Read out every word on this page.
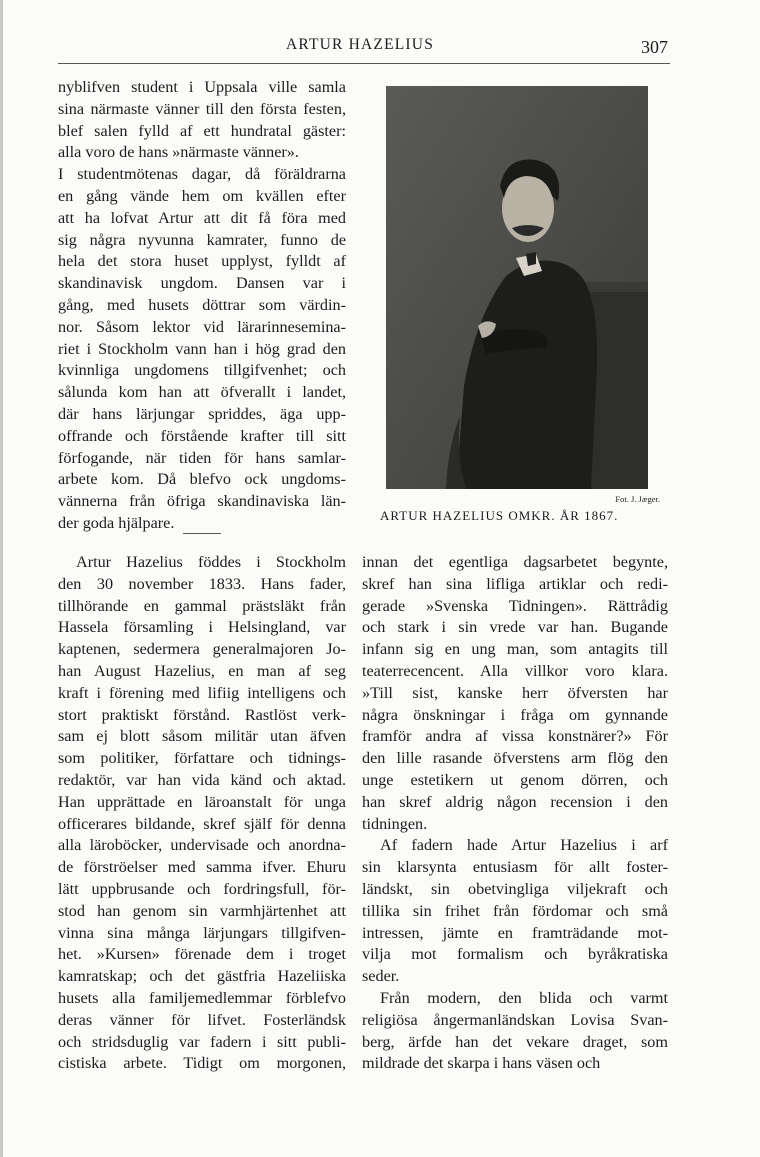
ARTUR HAZELIUS	307
nyblifven student i Uppsala ville samla
sina närmaste vänner till den första festen,
blef salen fylld af ett hundratal gäster:
alla voro de hans »närmaste vänner».
I studentmötenas dagar, då föräldrarna
en gång vände hem om kvällen efter
att ha lofvat Artur att dit få föra med
sig några nyvunna kamrater, funno de
hela det stora huset upplyst, fylldt af
skandinavisk ungdom. Dansen var i
gång, med husets döttrar som värdin-
nor. Såsom lektor vid lärarinnesemina-
riet i Stockholm vann han i hög grad den
kvinnliga ungdomens tillgifvenhet; och
sålunda kom han att öfverallt i landet,
där hans lärjungar spriddes, äga upp-
offrande och förstående krafter till sitt
förfogande, när tiden för hans samlar-
arbete kom. Då blefvo ock ungdoms-
vännerna från öfriga skandinaviska län-
der goda hjälpare.
Fot. J. Jæger.
ARTUR HAZELIUS OMKR. ÅR 1867.
Artur Hazelius föddes i Stockholm
den 30 november 1833. Hans fader,
tillhörande en gammal prästsläkt från
Hassela församling i Helsingland, var
kaptenen, sedermera generalmajoren Jo-
han August Hazelius, en man af seg
kraft i förening med lifiig intelligens och
stort praktiskt förstånd. Rastlöst verk-
sam ej blott såsom militär utan äfven
som politiker, författare och tidnings-
redaktör, var han vida känd och aktad.
Han upprättade en läroanstalt för unga
officerares bildande, skref själf för denna
alla läroböcker, undervisade och anordna-
de förströelser med samma ifver. Ehuru
lätt uppbrusande och fordringsfull, för-
stod han genom sin varmhjärtenhet att
vinna sina många lärjungars tillgifven-
het. »Kursen» förenade dem i troget
kamratskap; och det gästfria Hazeliiska
husets alla familjemedlemmar förblefvo
deras vänner för lifvet. Fosterländsk
och stridsduglig var fadern i sitt publi-
cistiska arbete. Tidigt om morgonen,
innan det egentliga dagsarbetet begynte,
skref han sina lifliga artiklar och redi-
gerade »Svenska Tidningen». Rättrådig
och stark i sin vrede var han. Bugande
infann sig en ung man, som antagits till
teaterrecencent. Alla villkor voro klara.
»Till sist, kanske herr öfversten har
några önskningar i fråga om gynnande
framför andra af vissa konstnärer?» För
den lille rasande öfverstens arm flög den
unge estetikern ut genom dörren, och
han skref aldrig någon recension i den
tidningen.
Af fadern hade Artur Hazelius i arf
sin klarsynta entusiasm för allt foster-
ländskt, sin obetvingliga viljekraft och
tillika sin frihet från fördomar och små
intressen, jämte en framträdande mot-
vilja mot formalism och byråkratiska
seder.
Från modern, den blida och varmt
religiösa ångermanländskan Lovisa Svan-
berg, ärfde han det vekare draget, som
mildrade det skarpa i hans väsen och
